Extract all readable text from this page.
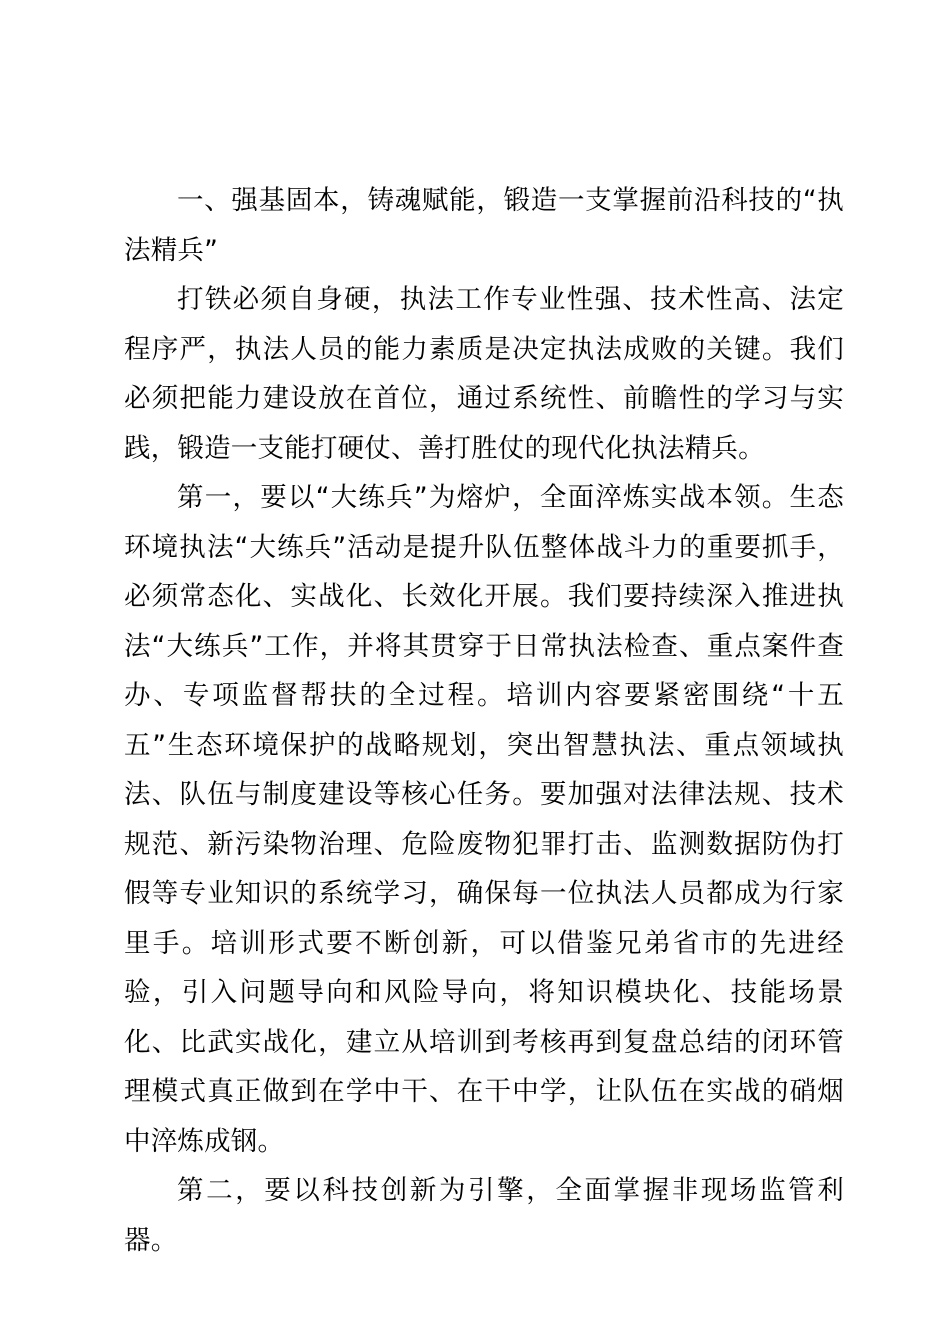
一、强基固本，铸魂赋能，锻造一支掌握前沿科技的“执法精兵”

打铁必须自身硬，执法工作专业性强、技术性高、法定程序严，执法人员的能力素质是决定执法成败的关键。我们必须把能力建设放在首位，通过系统性、前瞻性的学习与实践，锻造一支能打硬仗、善打胜仗的现代化执法精兵。

第一，要以“大练兵”为熔炉，全面淬炼实战本领。生态环境执法“大练兵”活动是提升队伍整体战斗力的重要抓手，必须常态化、实战化、长效化开展。我们要持续深入推进执法“大练兵”工作，并将其贯穿于日常执法检查、重点案件查办、专项监督帮扶的全过程。培训内容要紧密围绕“十五五”生态环境保护的战略规划，突出智慧执法、重点领域执法、队伍与制度建设等核心任务。要加强对法律法规、技术规范、新污染物治理、危险废物犯罪打击、监测数据防伪打假等专业知识的系统学习，确保每一位执法人员都成为行家里手。培训形式要不断创新，可以借鉴兄弟省市的先进经验，引入问题导向和风险导向，将知识模块化、技能场景化、比武实战化，建立从培训到考核再到复盘总结的闭环管理模式真正做到在学中干、在干中学，让队伍在实战的硝烟中淬炼成钢。

第二，要以科技创新为引擎，全面掌握非现场监管利器。
